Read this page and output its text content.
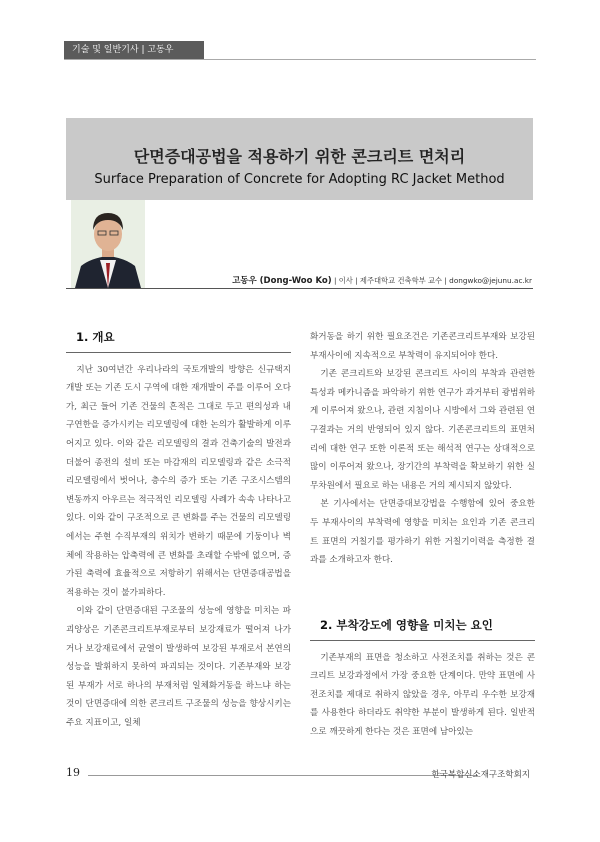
기술 및 일반기사 | 고동우
단면증대공법을 적용하기 위한 콘크리트 면처리
Surface Preparation of Concrete for Adopting RC Jacket Method
고동우 (Dong-Woo Ko) | 이사 | 제주대학교 건축학부 교수 | dongwko@jejunu.ac.kr
1. 개요

지난 30여년간 우리나라의 국토개발의 방향은 신규택지개발 또는 기존 도시 구역에 대한 재개발이 주를 이루어 오다가, 최근 들어 기존 건물의 흔적은 그대로 두고 편의성과 내구연한을 증가시키는 리모델링에 대한 논의가 활발하게 이루어지고 있다. 이와 같은 리모델링의 결과 건축기술의 발전과 더불어 종전의 설비 또는 마감재의 리모델링과 같은 소극적 리모델링에서 벗어나, 층수의 증가 또는 기존 구조시스템의 변동까지 아우르는 적극적인 리모델링 사례가 속속 나타나고 있다. 이와 같이 구조적으로 큰 변화를 주는 건물의 리모델링에서는 주현 수직부재의 위치가 변하기 때문에 기둥이나 벽체에 작용하는 압축력에 큰 변화를 초래할 수밖에 없으며, 증가된 축력에 효율적으로 저항하기 위해서는 단면증대공법을 적용하는 것이 불가피하다.

이와 같이 단면증대된 구조물의 성능에 영향을 미치는 파괴양상은 기존콘크리트부재로부터 보강재료가 떨어져 나가거나 보강재료에서 균열이 발생하여 보강된 부재로서 본연의 성능을 발휘하지 못하여 파괴되는 것이다. 기존부재와 보강된 부재가 서로 하나의 부재처럼 일체화거동을 하느냐 하는 것이 단면증대에 의한 콘크리트 구조물의 성능을 향상시키는 주요 지표이고, 일체

화거동을 하기 위한 필요조건은 기존콘크리트부재와 보강된 부재사이에 지속적으로 부착력이 유지되어야 한다.

기존 콘크리트와 보강된 콘크리트 사이의 부착과 관련한 특성과 메카니즘을 파악하기 위한 연구가 과거부터 광범위하게 이루어져 왔으나, 관련 지침이나 시방에서 그와 관련된 연구결과는 거의 반영되어 있지 않다. 기존콘크리트의 표면처리에 대한 연구 또한 이론적 또는 해석적 연구는 상대적으로 많이 이루어져 왔으나, 장기간의 부착력을 확보하기 위한 실무차원에서 필요로 하는 내용은 거의 제시되지 않았다.

본 기사에서는 단면증대보강법을 수행함에 있어 중요한 두 부재사이의 부착력에 영향을 미치는 요인과 기존 콘크리트 표면의 거칠기를 평가하기 위한 거칠기이력을 측정한 결과를 소개하고자 한다.

2. 부착강도에 영향을 미치는 요인

기존부재의 표면을 청소하고 사전조치를 취하는 것은 콘크리트 보강과정에서 가장 중요한 단계이다. 만약 표면에 사전조치를 제대로 취하지 않았을 경우, 아무리 우수한 보강재를 사용한다 하더라도 취약한 부분이 발생하게 된다. 일반적으로 깨끗하게 한다는 것은 표면에 남아있는

19	한국복합신소재구조학회지
